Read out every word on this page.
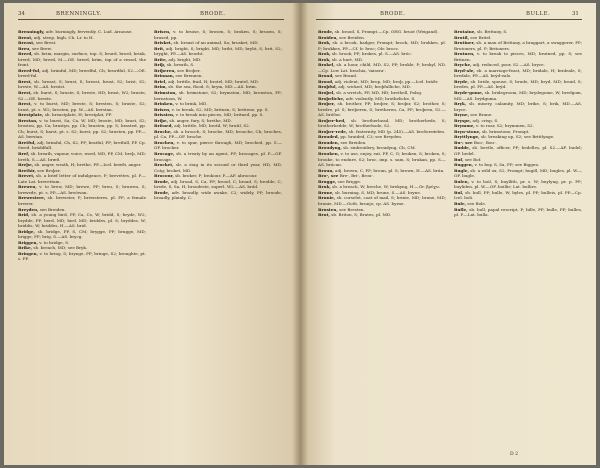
34	BRENNINGLY.	BRODE.

Brenningly, adv. burningly, fervently. C. Lud. Arnouse.

Brent, adj. steep, high. Ch. Lr. to H.

Breost, see Brest.

Breu, see Brew.

Brerd, sb. brim, margin, surface, top. S; brurd, brord, brink, brerd, MD; brerd, M.—OE. brerd, brim, top of a vessel, the front.

Brerd-ful, adj. brimful, MD; brerdful, Ch; brurdful, S2.—OE. brerd-ful.

Brest, sb. breast, S; brust, S; breost, brust, S2; brist, S2; breste, W.—AS. breóst.

Brest, sb. burst, S; bruste, S; breste, HD; brust, W2; bruste, S2.—OE. breste.

Brest, v. to burst, MD; breste, S; bresten, S; bruste, S2; brast, pt. s. W2; brosten, pp. W.—AS. berstan.

Brestplate, sb. breastplate, H; brestplat, PP.

Brestan, v. to burst, Sa, Ca, W, MD; broste, MD; brast, S2; brosten, pp. Ca; brastyn, pp. Ch; brasten, pp. S; brasted, pp. Ch; burst, S; barst, pt. s. S2; borst, pp. S2; brusten, pp. PP.—AS. berstan.

Bretful, adj. brimful, Ch, S2, PP; bratful, PP; bretfull, PP. Cp. Swed. bräddfull.

Bref, sb. breath, vapour, voice, word, MD, PP, CM; breþ, MD; breth, S.—AS. bræð.

Breþe, sb. anger, wrath, H; brethe, PP.—Icel. bræði, anger.

Brethir, see Broþer.

Brevet, sb. a brief letter of indulgence, P; brevettes, pl. P.—Late Lat. brevettum.

Brewen, v. to brew, MD; brewe, PP; breu, S; bruwen, S; brewede, pt. s. PP.—AS. breówan.

Brewestere, sb. brewster, P; brewsteres, pl. PP; a female brewer.

Breyden, see Breiden.

Brid, sb. a young bird, PP, Ca, Cs, W; bridd, S; bryde, W2; brydde, PP; berd, MD; bird, MD; briddes, pl. S; bryddes, W; briddis, W; briddes, H.—AS. brid.

Bridge, sb. bridge, PP, S, CM; brygge, PP; brugge, MD; brigge, PP; brig, S.—AS. brycg.

Briggen, v. to bridge, S.

Brike, sb. breach, MD; see Bryk.

Bringen, v. to bring, S; brynge, PP; bringe, S2; broughte, pt. s. PP.

Brisen, v. to bruise, S; brosen, S; broken, S; brusen, S; brused, pp.

Brisket, sb. breast of an animal, Sa; brusket, MD.

Brit, adj. bright, S; bright, MD; briht, MD; bryht, S; brit, S2; bryght, PP.—AS. beorht.

Brite, adj. bright, MD.

Briþ, sb. breath, S.

Briþeren, see Broþer.

Brinnan, see Brennen.

Briel, adj. brittle, frail, H; brotel, MD; brutel, MD.

Brim, sb. the sea, flood, S; brym, MD.—AS. brim.

Brimston, sb. brimstone, S2; brymston, MD; brenston, PP; bernstoon, W.

Brinken, v. to brink, MD.

Brisen, v. to break, S2, MD; britnen, S; brittene, pp. S.

Brissien, v. to break into pieces, MD; britned, pp. S.

Briþe, sb. anger, fury, S; brethe, MD.

Britned, adj. brittle, MD; brotil, W; brutil, S2.

Broche, sb. a brooch, S; broche, MD; brooche, Ch; broches, pl. Ca, PP.—OF. broche.

Brochen, v. to spur, pierce through, MD; broched, pp. S.—OF. brocher.

Brocage, sb. a treaty by an agent, PP; brocages, pl. P.—OF. brocage.

Brocket, sb. a stag in its second or third year, HD, MD, Cotg; broket, MD.

Brocour, sb. broker, P; brokour, P.—AF. abrocour.

Brode, adj. broad, S, Ca, PP; brood, C; broad, S; brodde, C; brede, S, Sa, H; broodeste, superl. W2.—AS. brád.

Brode, adv. broadly, wide awake, C2; widely, PP; broode, broadly, plainly, C.

BRODE.	BULLE.	31

Brode, sb. brood, S, Prompt.—Cp. OHG. bruot (Weigand).

Broiden, see Breiden.

Brok, sb. a brook, badger, Prompt; brock, MD; brokkes, pl. P; brokkes, PP.—Cf. Ir. broc; OIr. brocc.

Brok, sb. brook, PP; brokes, pl. S.—AS. bróc.

Brok, sb. a hurt, MD.

Brokel, sb. a hour, child, MD, S2, PP; brokle, P; brokyl, ND.—Cp. Low Lat. brachia, 'misera'.

Brond, see Brand.

Brood, adj. violent, MD; brop, MD; broþ, pp.—Icel. bráðr.

Broþful, adj. wicked, MD; broþfulliche, MD.

Broþel, sb. a wretch, PP, MD, HD; brethell, Palsg.

Broþeliche, adv. violently, MD; brotheliche, S.

Broþer, sb. brother, PP; broþer, S; broþir, S2; brother, S; bredre, pl. S; breþeren, S; bretheren, Ca, PP; broþren, S2.—AS. bróðor.

Broþer-hed, sb. brotherhead, MD; brotherhede, S; brotherhedde, W; brotherhode, S2.

Broþer-rede, sb. fraternity, MD (p. 245).—AS. broðorrǽden.

Brouded, pp. braided, C3; see Breyden.

Brouden, see Breiden.

Broudyng, sb. embroidery, broudyng, Ch, CM.

Brouken, v. to use, enjoy, eat, PP, C, G; bruken, S; broken, S; brouke, to endure, S2; broc, imp. s. sam, S; brukan, pp. S.—AS. brúcan.

Broun, adj. brown, C, PP; broun, pl. S; brown, H.—AS. brún.

Bro-, see Bre-, Bri-, Brou-.

Brugge, see Brigge.

Bruk, sb. a breach, W; breche, W; brekyng, H.—Gr. βρύχω.

Brune, sb. burning, S, MD; brune, S.—AS. bryne.

Brunie, sb. corselet, coat of mail, S; brinie, MD; brune, MD; brunie, MD.—Goth. brunjo; cp. AS. byrne.

Brusten, see Bresten.

Brut, sb. Briton, S; Brutes, pl. MD.

Brutaine, sb. Brittany, S.

Brutil, see Britel.

Brutiner, sb. a man of Brittany, a braggart, a swaggerer, PP; Brutoners, pl. P; Britoners.

Brutnen, v. to break to pieces, MD; brutned, pp. S; see Britnen.

Bryche, adj. reduced, poor, S2.—AS. bryce.

Bryd-ale, sb. a marriage-feast, MD; bridale, H; brideale, S; bredale, PP.—AS. brýd-ealo.

Bryde, sb. bride, spouse, S; brude, MD; bryd, MD; bruid, S; bredes, pl. PP.—AS. brýd.

Bryde-gome, sb. bridegroom, MD; brydegome, W; bredgom, MD.—AS. brýdguma.

Bryk, sb. misery, calamity, MD; brike, S; brik, MD.—AS. bryce.

Bryne, see Brune.

Bryspe, adj. crisp, S.

Brymme, v. to roar, S2; brymmen, S2.

Bryn-stone, sb. brimstone, Prompt.

Bryttlynge, sb. breaking up, S2; see Brittlynge.

Bu-; see Boo-, Bou-.

Budde, sb. beetle, officer, PP; bedelles, pl. S2.—AF. budel; OF. bedel.

Buf, see Bof.

Buggen, v. to buy, S, Sa, PP; see Biggen.

Bugle, sb. a wild ox, S2, Prompt; bugill, MD; bugles, pl. W.—OF. bugle.

Bulen, v. to boil, S; buyllith, pr. s. W; buylyng, pr. p. PP; buyliden, pl. W.—OF. boillir; Lat. bullire.

Bul, sb. bull, PP; bulle, W; byles, pl. PP; bulleis, pl. PP.—Cp. Icel. boli.

Bule, see Bole.

Bulle, sb. bull, papal rescript, P; bille, PP; bulle, PP; bulles, pl. P.—Lat. bulla.

D 2
